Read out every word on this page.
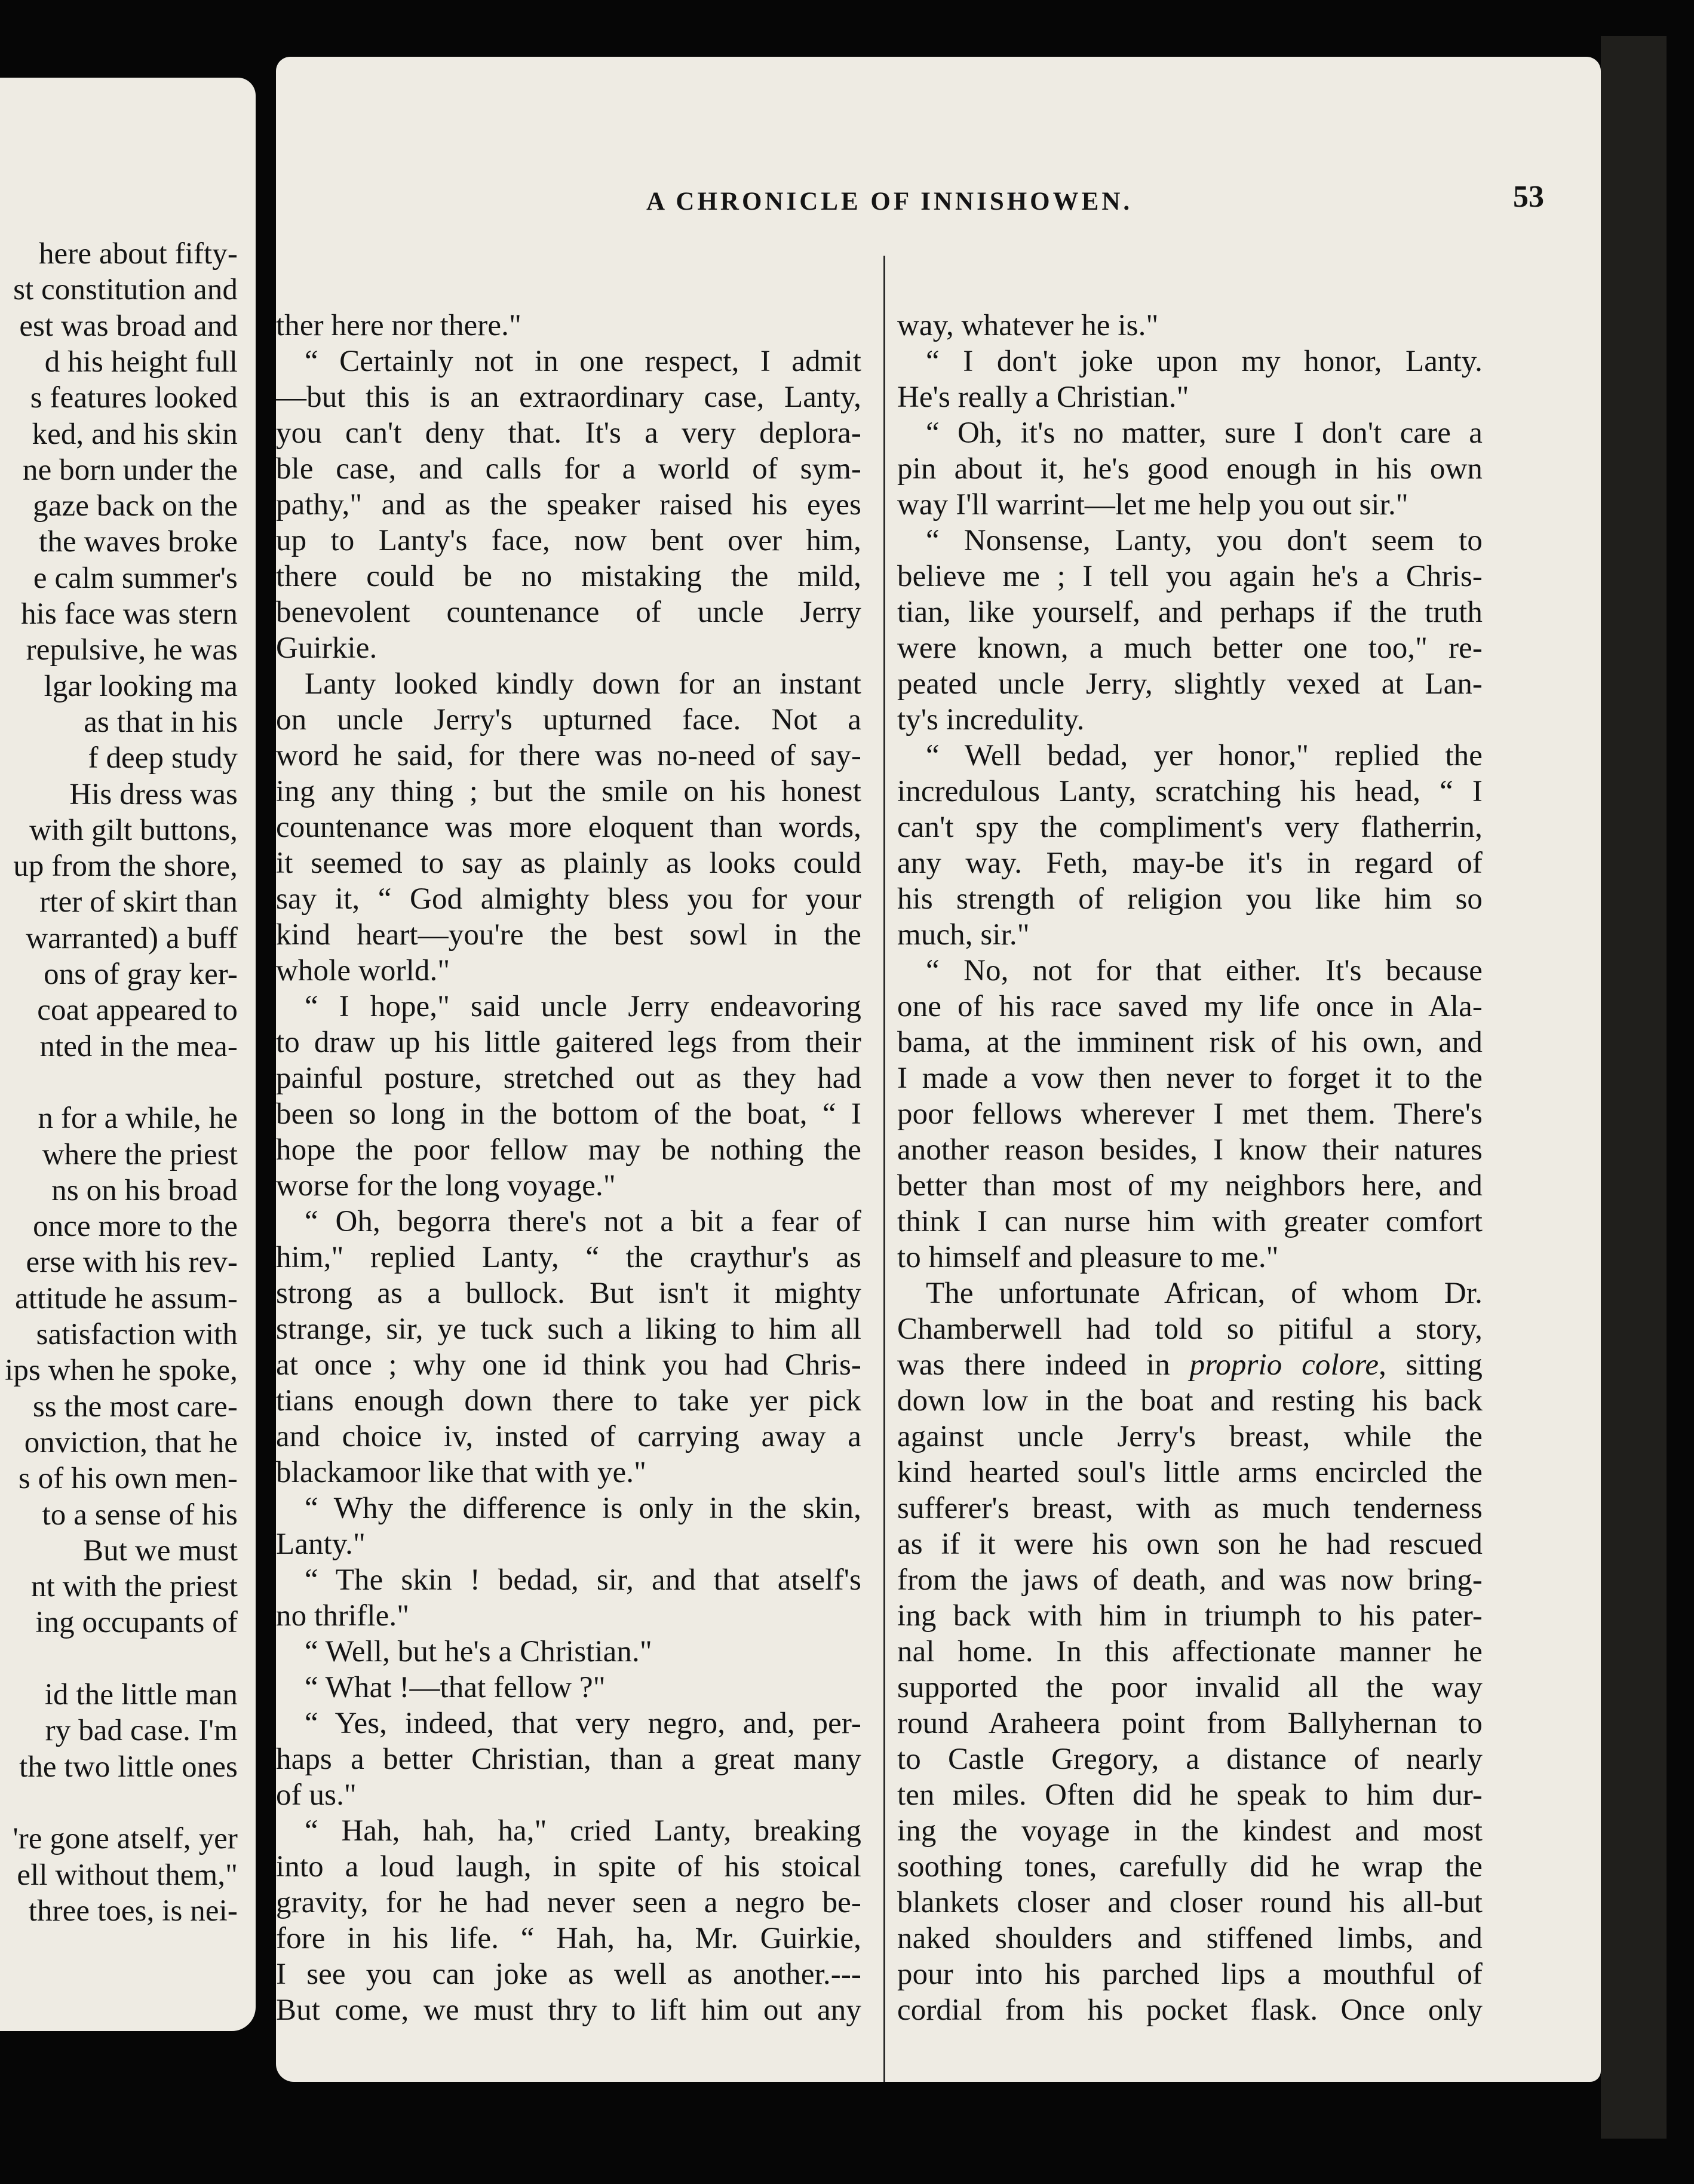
here about fifty-
st constitution and
est was broad and
d his height full
s features looked
ked, and his skin
ne born under the
gaze back on the
the waves broke
e calm summer's
his face was stern
repulsive, he was
lgar looking ma
as that in his
f deep study
His dress was
with gilt buttons,
up from the shore,
rter of skirt than
warranted) a buff
ons of gray ker-
coat appeared to
nted in the mea-
n for a while, he
where the priest
ns on his broad
once more to the
erse with his rev-
attitude he assum-
satisfaction with
ips when he spoke,
ss the most care-
onviction, that he
s of his own men-
to a sense of his
But we must
nt with the priest
ing occupants of
id the little man
ry bad case. I'm
the two little ones
're gone atself, yer
ell without them,"
three toes, is nei-
A CHRONICLE OF INNISHOWEN.	53
ther here nor there."
“ Certainly not in one respect, I admit
—but this is an extraordinary case, Lanty,
you can't deny that. It's a very deplora-
ble case, and calls for a world of sym-
pathy," and as the speaker raised his eyes
up to Lanty's face, now bent over him,
there could be no mistaking the mild,
benevolent countenance of uncle Jerry
Guirkie.
Lanty looked kindly down for an instant
on uncle Jerry's upturned face. Not a
word he said, for there was no-need of say-
ing any thing ; but the smile on his honest
countenance was more eloquent than words,
it seemed to say as plainly as looks could
say it, “ God almighty bless you for your
kind heart—you're the best sowl in the
whole world."
“ I hope," said uncle Jerry endeavoring
to draw up his little gaitered legs from their
painful posture, stretched out as they had
been so long in the bottom of the boat, “ I
hope the poor fellow may be nothing the
worse for the long voyage."
“ Oh, begorra there's not a bit a fear of
him," replied Lanty, “ the craythur's as
strong as a bullock. But isn't it mighty
strange, sir, ye tuck such a liking to him all
at once ; why one id think you had Chris-
tians enough down there to take yer pick
and choice iv, insted of carrying away a
blackamoor like that with ye."
“ Why the difference is only in the skin,
Lanty."
“ The skin ! bedad, sir, and that atself's
no thrifle."
“ Well, but he's a Christian."
“ What !—that fellow ?"
“ Yes, indeed, that very negro, and, per-
haps a better Christian, than a great many
of us."
“ Hah, hah, ha," cried Lanty, breaking
into a loud laugh, in spite of his stoical
gravity, for he had never seen a negro be-
fore in his life. “ Hah, ha, Mr. Guirkie,
I see you can joke as well as another.---
But come, we must thry to lift him out any
way, whatever he is."
“ I don't joke upon my honor, Lanty.
He's really a Christian."
“ Oh, it's no matter, sure I don't care a
pin about it, he's good enough in his own
way I'll warrint—let me help you out sir."
“ Nonsense, Lanty, you don't seem to
believe me ; I tell you again he's a Chris-
tian, like yourself, and perhaps if the truth
were known, a much better one too," re-
peated uncle Jerry, slightly vexed at Lan-
ty's incredulity.
“ Well bedad, yer honor," replied the
incredulous Lanty, scratching his head, “ I
can't spy the compliment's very flatherrin,
any way. Feth, may-be it's in regard of
his strength of religion you like him so
much, sir."
“ No, not for that either. It's because
one of his race saved my life once in Ala-
bama, at the imminent risk of his own, and
I made a vow then never to forget it to the
poor fellows wherever I met them. There's
another reason besides, I know their natures
better than most of my neighbors here, and
think I can nurse him with greater comfort
to himself and pleasure to me."
The unfortunate African, of whom Dr.
Chamberwell had told so pitiful a story,
was there indeed in proprio colore, sitting
down low in the boat and resting his back
against uncle Jerry's breast, while the
kind hearted soul's little arms encircled the
sufferer's breast, with as much tenderness
as if it were his own son he had rescued
from the jaws of death, and was now bring-
ing back with him in triumph to his pater-
nal home. In this affectionate manner he
supported the poor invalid all the way
round Araheera point from Ballyhernan to
to Castle Gregory, a distance of nearly
ten miles. Often did he speak to him dur-
ing the voyage in the kindest and most
soothing tones, carefully did he wrap the
blankets closer and closer round his all-but
naked shoulders and stiffened limbs, and
pour into his parched lips a mouthful of
cordial from his pocket flask. Once only
